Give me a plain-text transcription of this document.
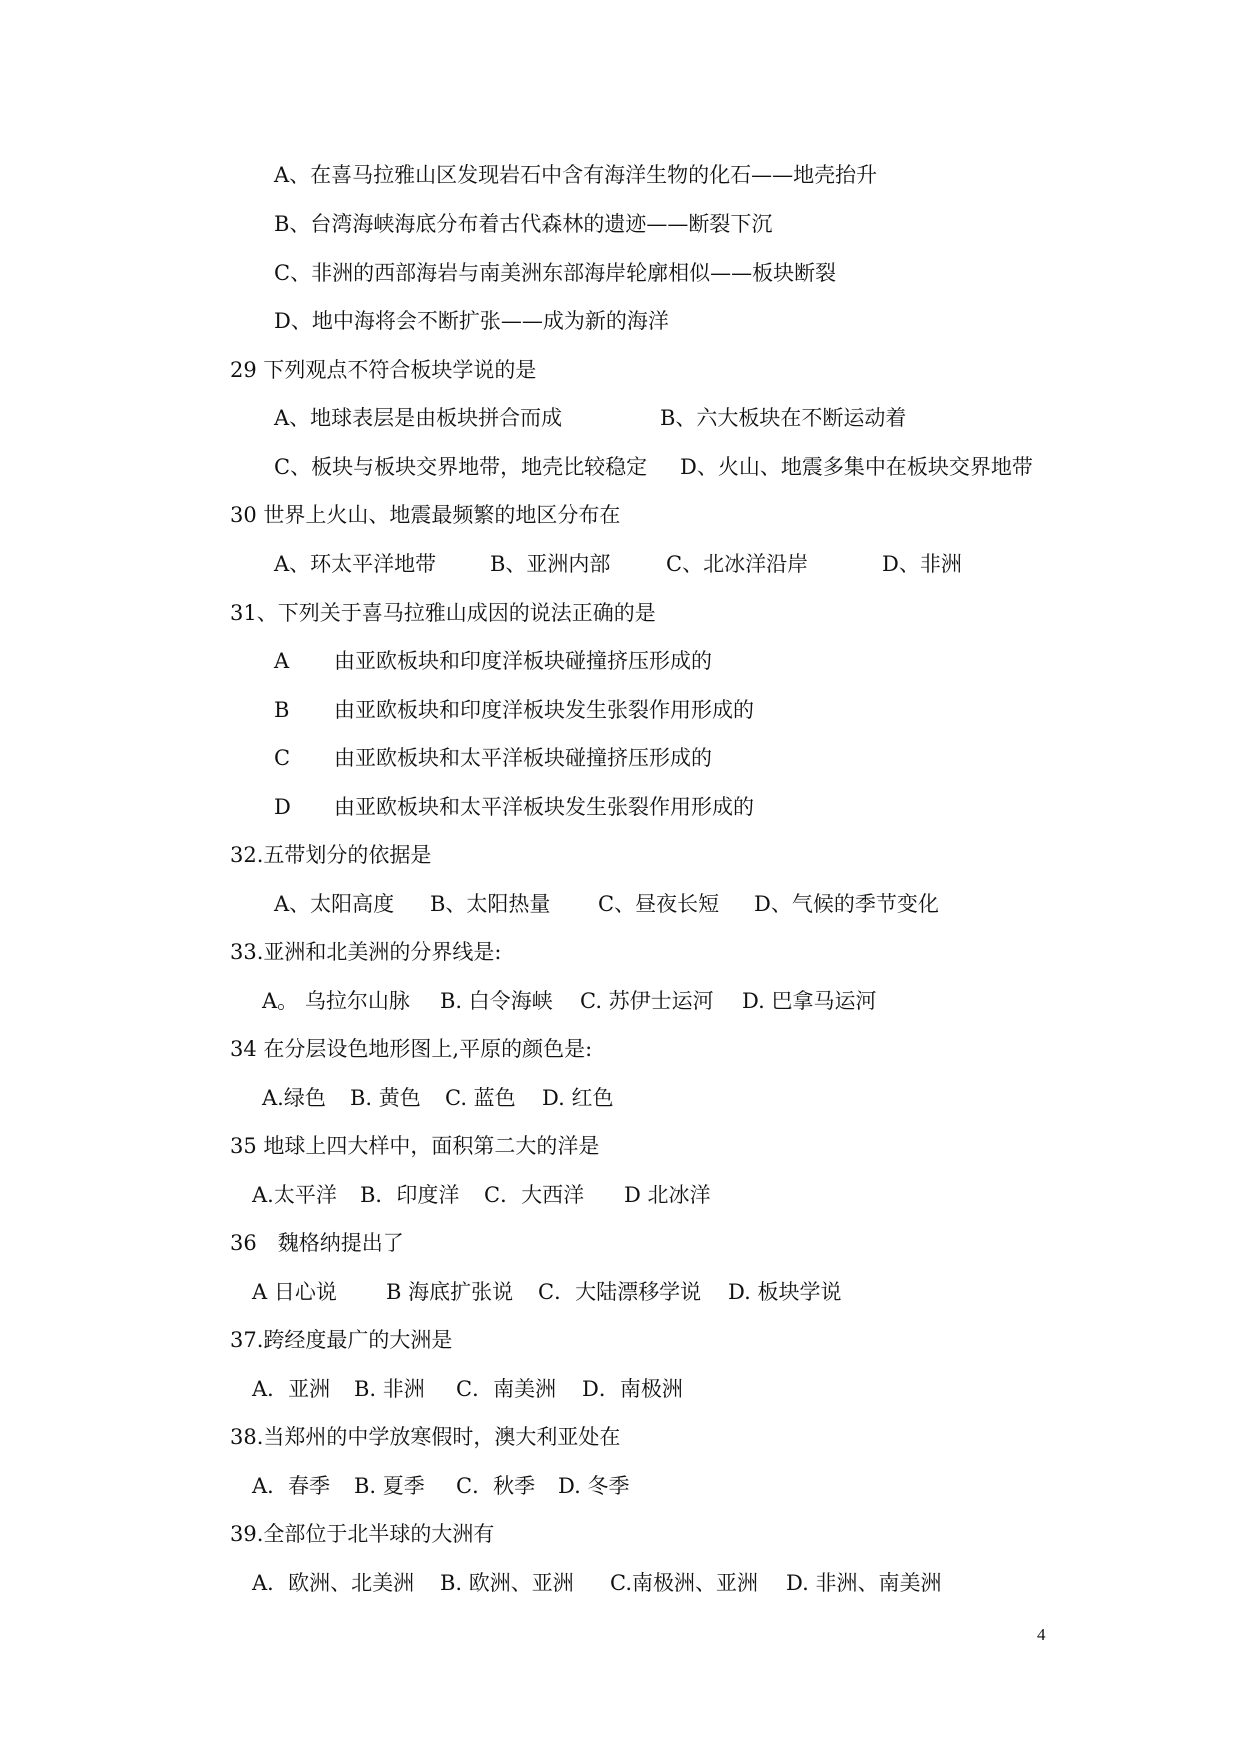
A、在喜马拉雅山区发现岩石中含有海洋生物的化石——地壳抬升
B、台湾海峡海底分布着古代森林的遗迹——断裂下沉
C、非洲的西部海岩与南美洲东部海岸轮廓相似——板块断裂
D、地中海将会不断扩张——成为新的海洋
29 下列观点不符合板块学说的是
A、地球表层是由板块拼合而成	B、六大板块在不断运动着
C、板块与板块交界地带，地壳比较稳定 D、火山、地震多集中在板块交界地带
30 世界上火山、地震最频繁的地区分布在
A、环太平洋地带	B、亚洲内部	C、北冰洋沿岸	D、非洲
31、下列关于喜马拉雅山成因的说法正确的是
A 由亚欧板块和印度洋板块碰撞挤压形成的
B 由亚欧板块和印度洋板块发生张裂作用形成的
C 由亚欧板块和太平洋板块碰撞挤压形成的
D 由亚欧板块和太平洋板块发生张裂作用形成的
32.五带划分的依据是
A、太阳高度 B、太阳热量 C、昼夜长短 D、气候的季节变化
33.亚洲和北美洲的分界线是:
A。 乌拉尔山脉 B. 白令海峡 C. 苏伊士运河 D. 巴拿马运河
34 在分层设色地形图上,平原的颜色是:
A.绿色 B. 黄色 C. 蓝色 D. 红色
35 地球上四大样中，面积第二大的洋是
A.太平洋 B．印度洋 C．大西洋 D 北冰洋
36　魏格纳提出了
A 日心说 B 海底扩张说 C．大陆漂移学说 D. 板块学说
37.跨经度最广的大洲是
A．亚洲 B. 非洲 C．南美洲 D．南极洲
38.当郑州的中学放寒假时，澳大利亚处在
A．春季 B. 夏季 C．秋季 D. 冬季
39.全部位于北半球的大洲有
A．欧洲、北美洲 B. 欧洲、亚洲 C.南极洲、亚洲 D. 非洲、南美洲
4
